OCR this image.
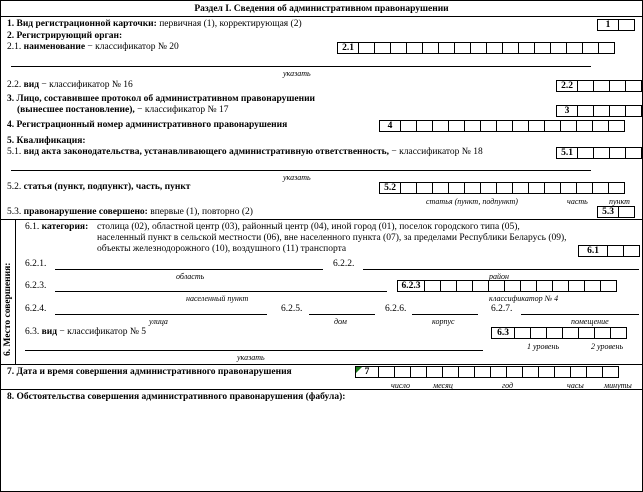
Раздел I. Сведения об административном правонарушении
1. Вид регистрационной карточки: первичная (1), корректирующая (2)	1
2. Регистрирующий орган:
2.1. наименование − классификатор № 20	2.1
указать
2.2. вид − классификатор № 16	2.2
3. Лицо, составившее протокол об административном правонарушении
(вынесшее постановление), − классификатор № 17	3
4. Регистрационный номер административного правонарушения	4
5. Квалификация:
5.1. вид акта законодательства, устанавливающего административную ответственность, − классификатор № 18	5.1
указать
5.2. статья (пункт, подпункт), часть, пункт	5.2
статья (пункт, подпункт)	часть	пункт
5.3. правонарушение совершено: впервые (1), повторно (2)	5.3
6. Место совершения:
6.1. категория: столица (02), областной центр (03), районный центр (04), иной город (01), поселок городского типа (05),
населенный пункт в сельской местности (06), вне населенного пункта (07), за пределами Республики Беларусь (09),
объекты железнодорожного (10), воздушного (11) транспорта	6.1
6.2.1.
область
6.2.2.
район
6.2.3.	6.2.3
населенный пункт	классификатор № 4
6.2.4.
улица
6.2.5.
дом
6.2.6.
корпус
6.2.7.
помещение
6.3. вид − классификатор № 5	6.3
1 уровень	2 уровень
указать
7. Дата и время совершения административного правонарушения	7
число	месяц	год	часы	минуты
8. Обстоятельства совершения административного правонарушения (фабула):
